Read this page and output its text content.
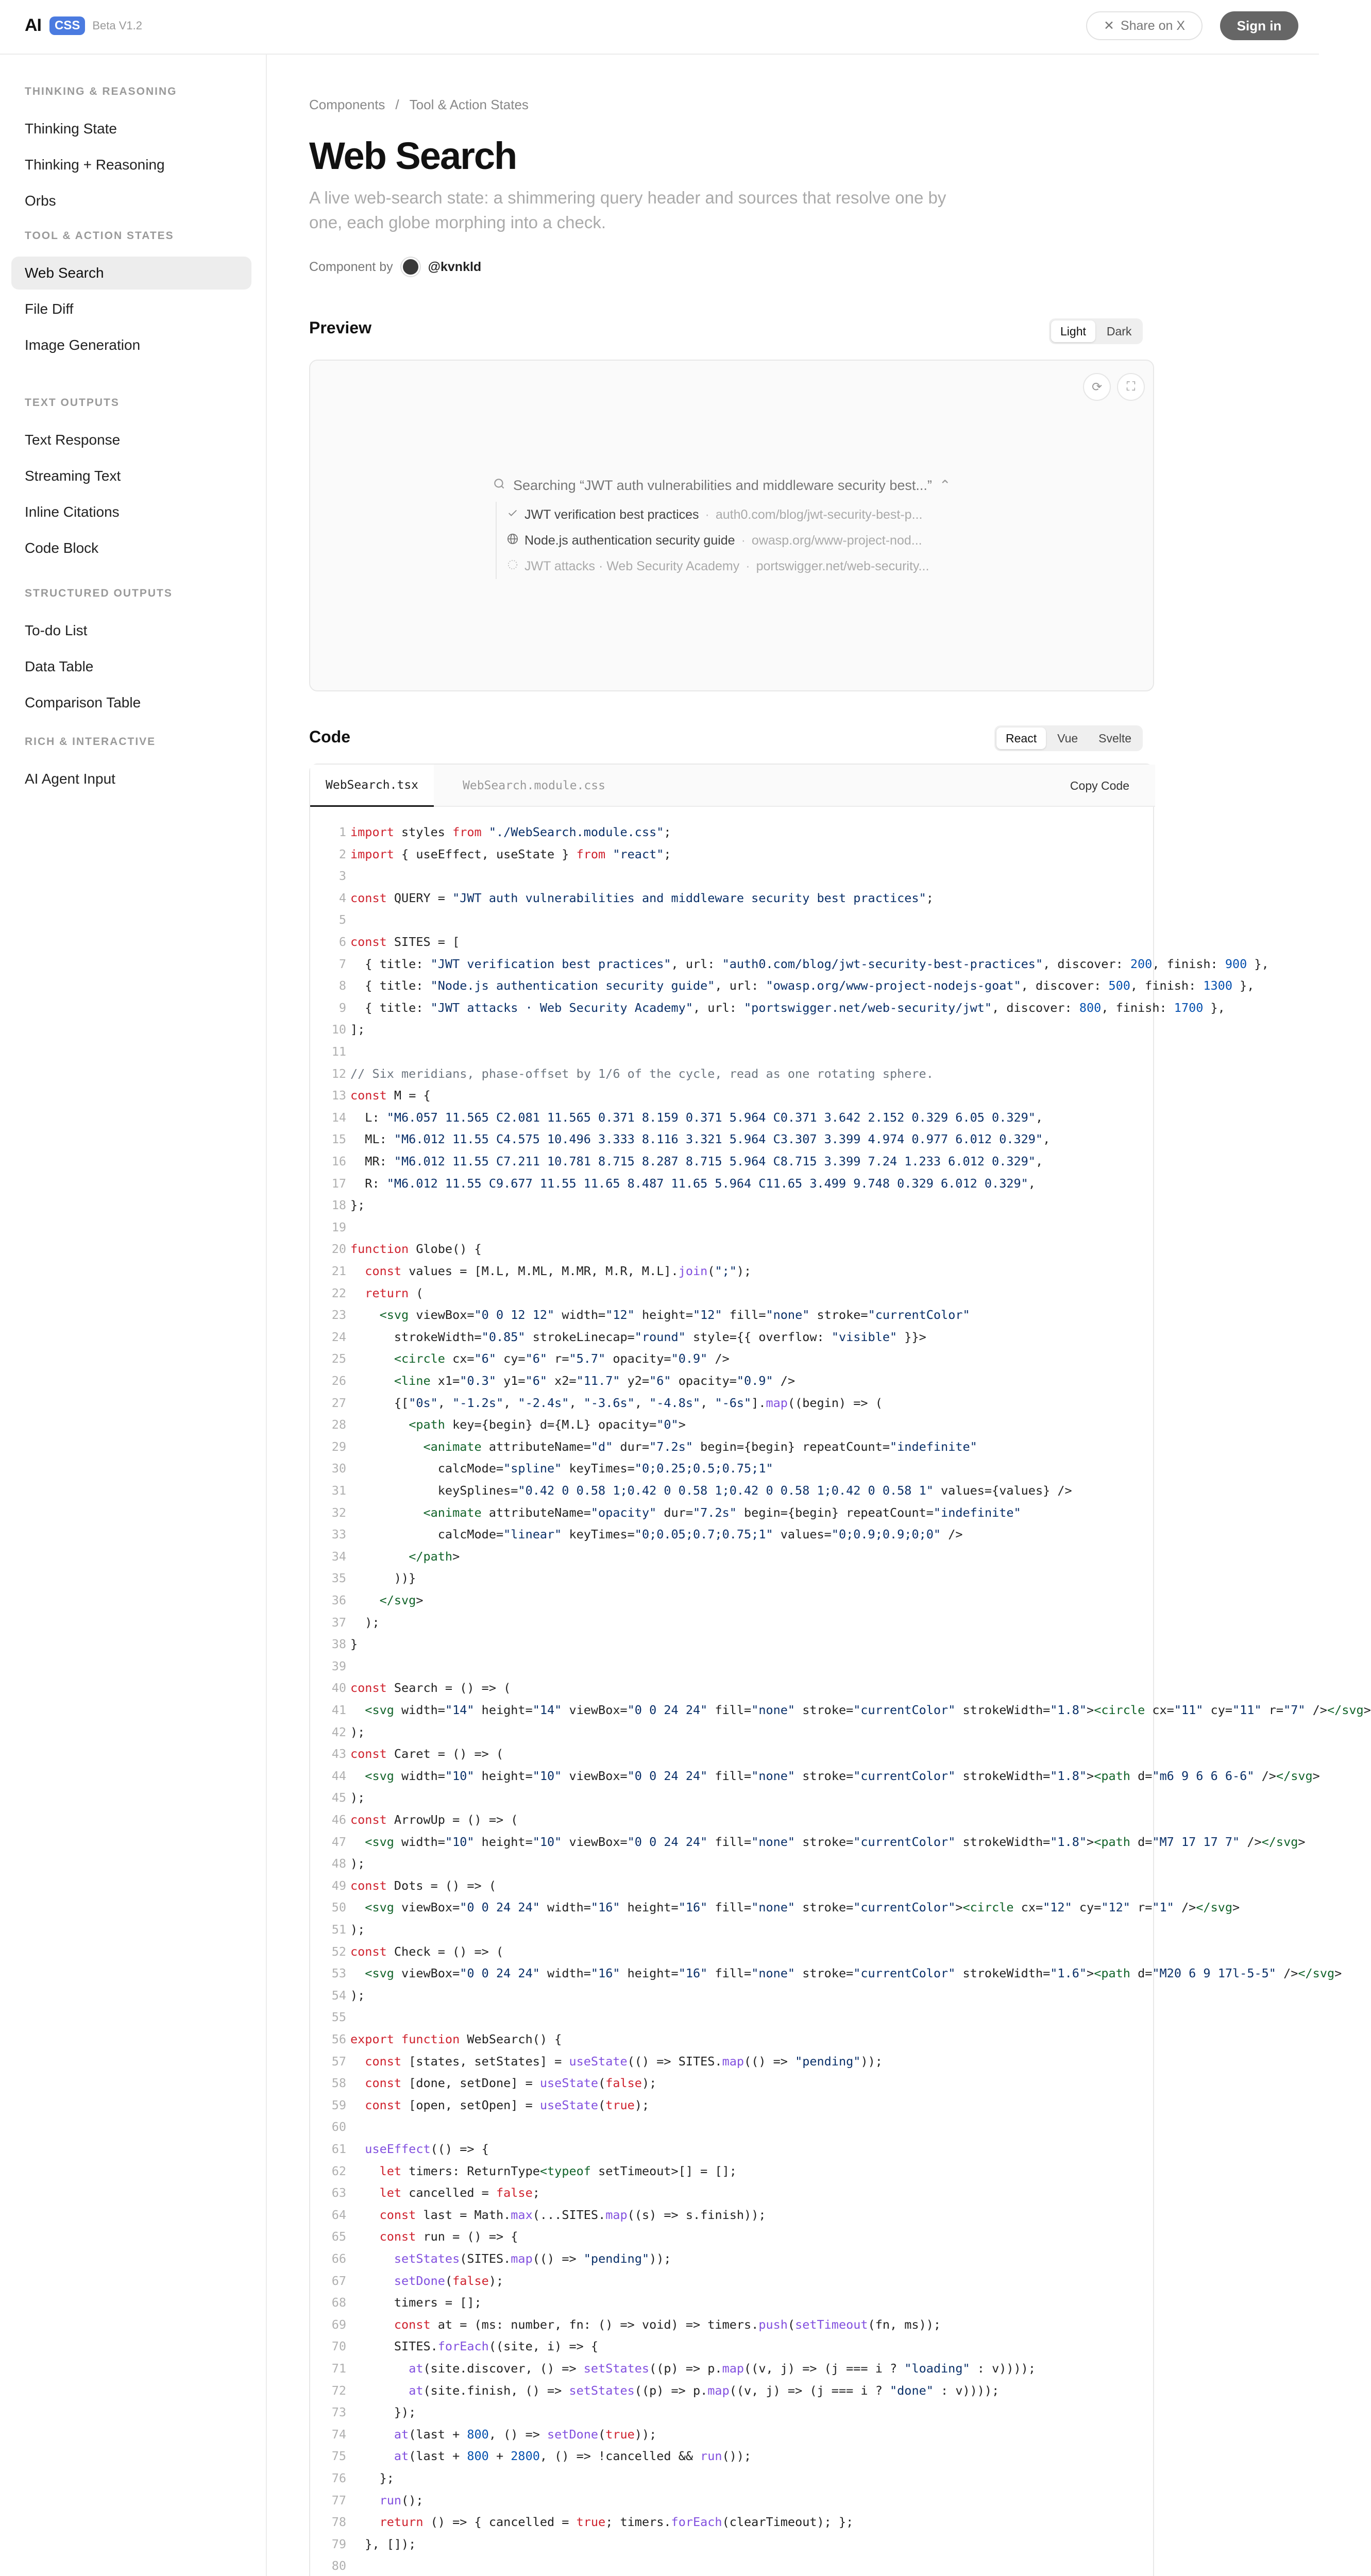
AI	CSS	Beta V1.2	✕ Share on X	Sign in
THINKING & REASONING
Thinking State
Thinking + Reasoning
Orbs
TOOL & ACTION STATES
Web Search
File Diff
Image Generation
TEXT OUTPUTS
Text Response
Streaming Text
Inline Citations
Code Block
STRUCTURED OUTPUTS
To-do List
Data Table
Comparison Table
RICH & INTERACTIVE
AI Agent Input
Components / Tool & Action States
Web Search
A live web-search state: a shimmering query header and sources that resolve one by one, each globe morphing into a check.
Component by	@kvnkld
Preview	Light	Dark
⟳	⛶
Searching “JWT auth vulnerabilities and middleware security best...” ⌃
JWT verification best practices · auth0.com/blog/jwt-security-best-p...
Node.js authentication security guide · owasp.org/www-project-nod...
JWT attacks · Web Security Academy · portswigger.net/web-security...
Code	React	Vue	Svelte
WebSearch.tsx	WebSearch.module.css	Copy Code
1 import styles from "./WebSearch.module.css";
2 import { useEffect, useState } from "react";
3
4 const QUERY = "JWT auth vulnerabilities and middleware security best practices";
5
6 const SITES = [
7 { title: "JWT verification best practices", url: "auth0.com/blog/jwt-security-best-practices", discover: 200, finish: 900 },
8 { title: "Node.js authentication security guide", url: "owasp.org/www-project-nodejs-goat", discover: 500, finish: 1300 },
9 { title: "JWT attacks · Web Security Academy", url: "portswigger.net/web-security/jwt", discover: 800, finish: 1700 },
10 ];
11
12 // Six meridians, phase-offset by 1/6 of the cycle, read as one rotating sphere.
13 const M = {
14 L: "M6.057 11.565 C2.081 11.565 0.371 8.159 0.371 5.964 C0.371 3.642 2.152 0.329 6.05 0.329",
15 ML: "M6.012 11.55 C4.575 10.496 3.333 8.116 3.321 5.964 C3.307 3.399 4.974 0.977 6.012 0.329",
16 MR: "M6.012 11.55 C7.211 10.781 8.715 8.287 8.715 5.964 C8.715 3.399 7.24 1.233 6.012 0.329",
17 R: "M6.012 11.55 C9.677 11.55 11.65 8.487 11.65 5.964 C11.65 3.499 9.748 0.329 6.012 0.329",
18 };
19
20 function Globe() {
21	const values = [M.L, M.ML, M.MR, M.R, M.L].join(";");
22	return (
23	<svg viewBox="0 0 12 12" width="12" height="12" fill="none" stroke="currentColor"
24 strokeWidth="0.85" strokeLinecap="round" style={{ overflow: "visible" }}>
25	<circle cx="6" cy="6" r="5.7" opacity="0.9" />
26	<line x1="0.3" y1="6" x2="11.7" y2="6" opacity="0.9" />
27 {["0s", "-1.2s", "-2.4s", "-3.6s", "-4.8s", "-6s"].map((begin) => (
28	<path key={begin} d={M.L} opacity="0">
29	<animate attributeName="d" dur="7.2s" begin={begin} repeatCount="indefinite"
30 calcMode="spline" keyTimes="0;0.25;0.5;0.75;1"
31 keySplines="0.42 0 0.58 1;0.42 0 0.58 1;0.42 0 0.58 1;0.42 0 0.58 1" values={values} />
32	<animate attributeName="opacity" dur="7.2s" begin={begin} repeatCount="indefinite"
33 calcMode="linear" keyTimes="0;0.05;0.7;0.75;1" values="0;0.9;0.9;0;0" />
34	</path>
35 ))}
36	</svg>
37 );
38 }
39
40 const Search = () => (
41	<svg width="14" height="14" viewBox="0 0 24 24" fill="none" stroke="currentColor" strokeWidth="1.8"><circle cx="11" cy="11" r="7" /></svg>
42 );
43 const Caret = () => (
44	<svg width="10" height="10" viewBox="0 0 24 24" fill="none" stroke="currentColor" strokeWidth="1.8"><path d="m6 9 6 6 6-6" /></svg>
45 );
46 const ArrowUp = () => (
47	<svg width="10" height="10" viewBox="0 0 24 24" fill="none" stroke="currentColor" strokeWidth="1.8"><path d="M7 17 17 7" /></svg>
48 );
49 const Dots = () => (
50	<svg viewBox="0 0 24 24" width="16" height="16" fill="none" stroke="currentColor"><circle cx="12" cy="12" r="1" /></svg>
51 );
52 const Check = () => (
53	<svg viewBox="0 0 24 24" width="16" height="16" fill="none" stroke="currentColor" strokeWidth="1.6"><path d="M20 6 9 17l-5-5" /></svg>
54 );
55
56 export function WebSearch() {
57	const [states, setStates] = useState(() => SITES.map(() => "pending"));
58	const [done, setDone] = useState(false);
59	const [open, setOpen] = useState(true);
60
61	useEffect(() => {
62	let timers: ReturnType<typeof setTimeout>[] = [];
63	let cancelled = false;
64	const last = Math.max(...SITES.map((s) => s.finish));
65	const run = () => {
66	setStates(SITES.map(() => "pending"));
67	setDone(false);
68 timers = [];
69	const at = (ms: number, fn: () => void) => timers.push(setTimeout(fn, ms));
70 SITES.forEach((site, i) => {
71	at(site.discover, () => setStates((p) => p.map((v, j) => (j === i ? "loading" : v))));
72	at(site.finish, () => setStates((p) => p.map((v, j) => (j === i ? "done" : v))));
73 });
74	at(last + 800, () => setDone(true));
75	at(last + 800 + 2800, () => !cancelled && run());
76 };
77	run();
78	return () => { cancelled = true; timers.forEach(clearTimeout); };
79 }, []);
80
